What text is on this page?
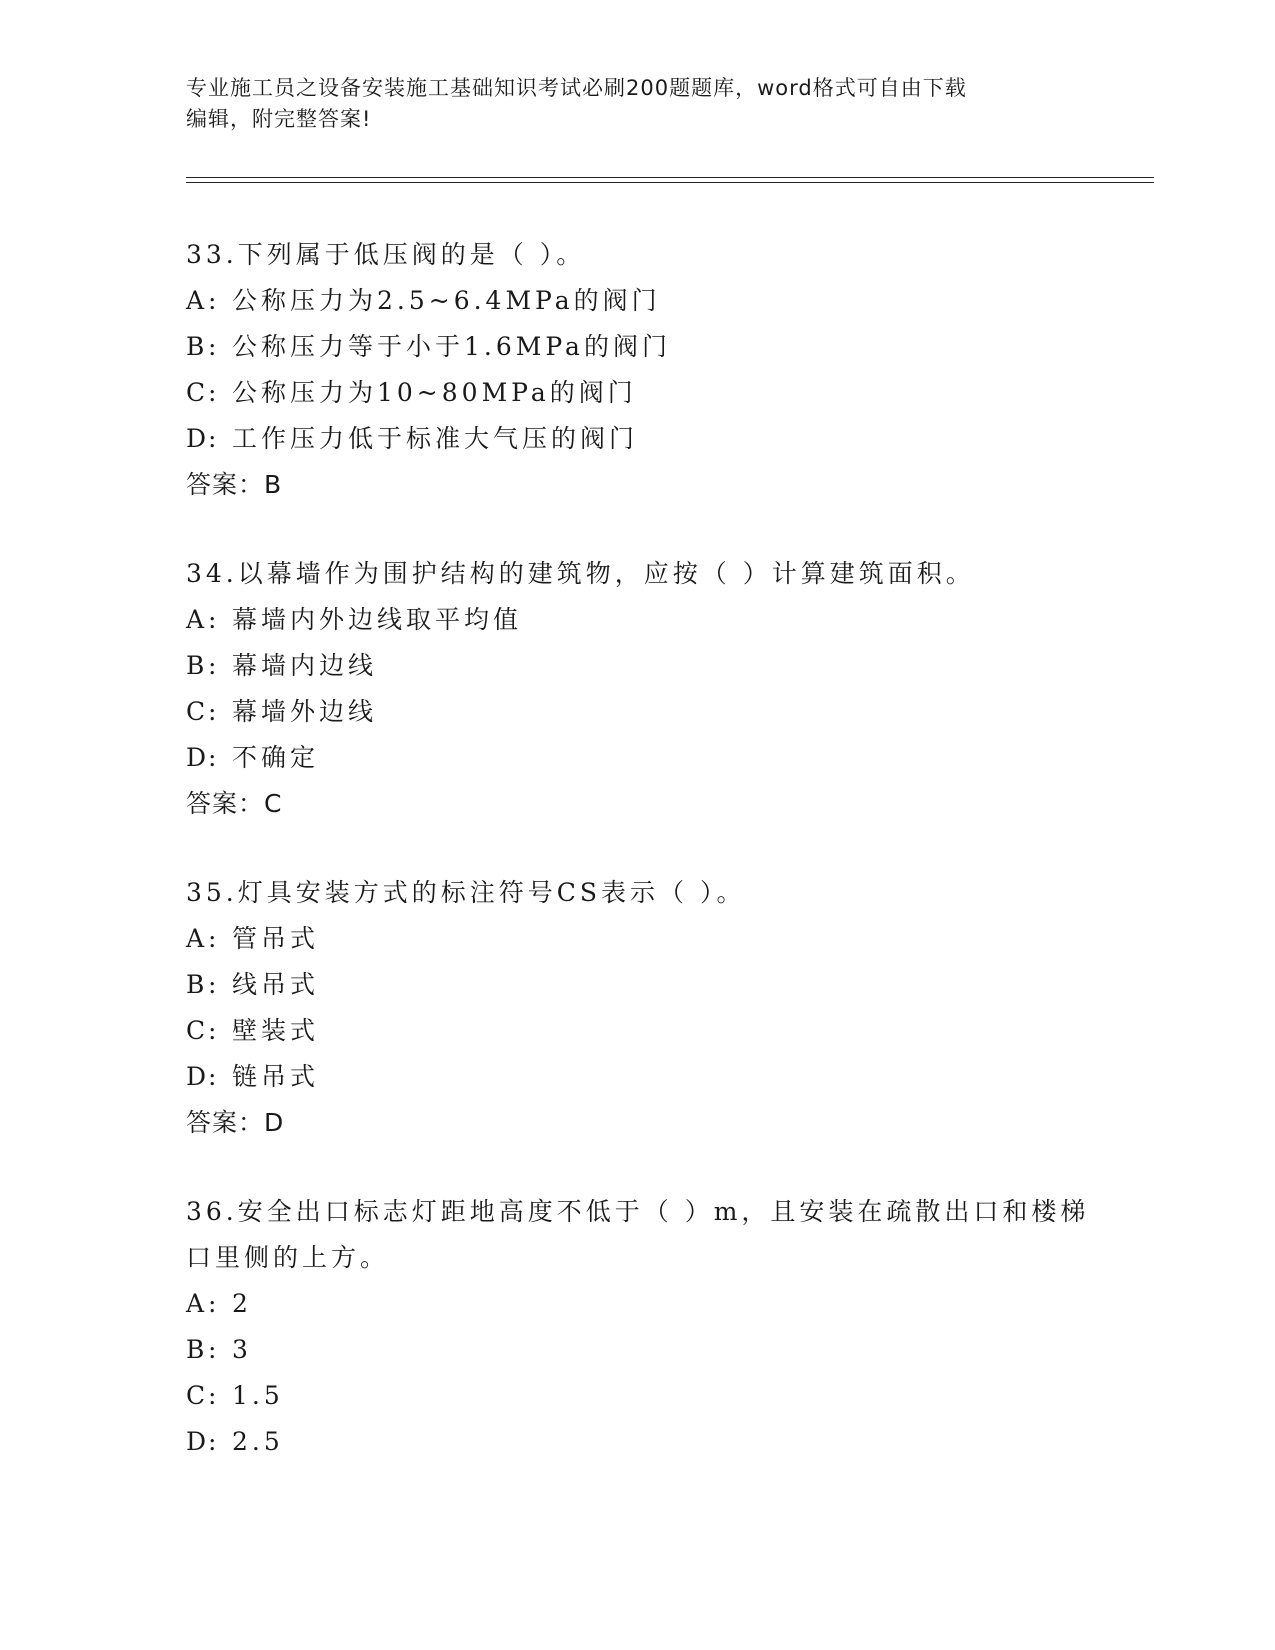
专业施工员之设备安装施工基础知识考试必刷200题题库，word格式可自由下载
编辑，附完整答案!
33.下列属于低压阀的是（ ）。
A: 公称压力为2.5~6.4MPa的阀门
B: 公称压力等于小于1.6MPa的阀门
C: 公称压力为10~80MPa的阀门
D: 工作压力低于标准大气压的阀门
答案：B
34.以幕墙作为围护结构的建筑物，应按（ ）计算建筑面积。
A: 幕墙内外边线取平均值
B: 幕墙内边线
C: 幕墙外边线
D: 不确定
答案：C
35.灯具安装方式的标注符号CS表示（ ）。
A: 管吊式
B: 线吊式
C: 壁装式
D: 链吊式
答案：D
36.安全出口标志灯距地高度不低于（ ）m，且安装在疏散出口和楼梯
口里侧的上方。
A: 2
B: 3
C: 1.5
D: 2.5
